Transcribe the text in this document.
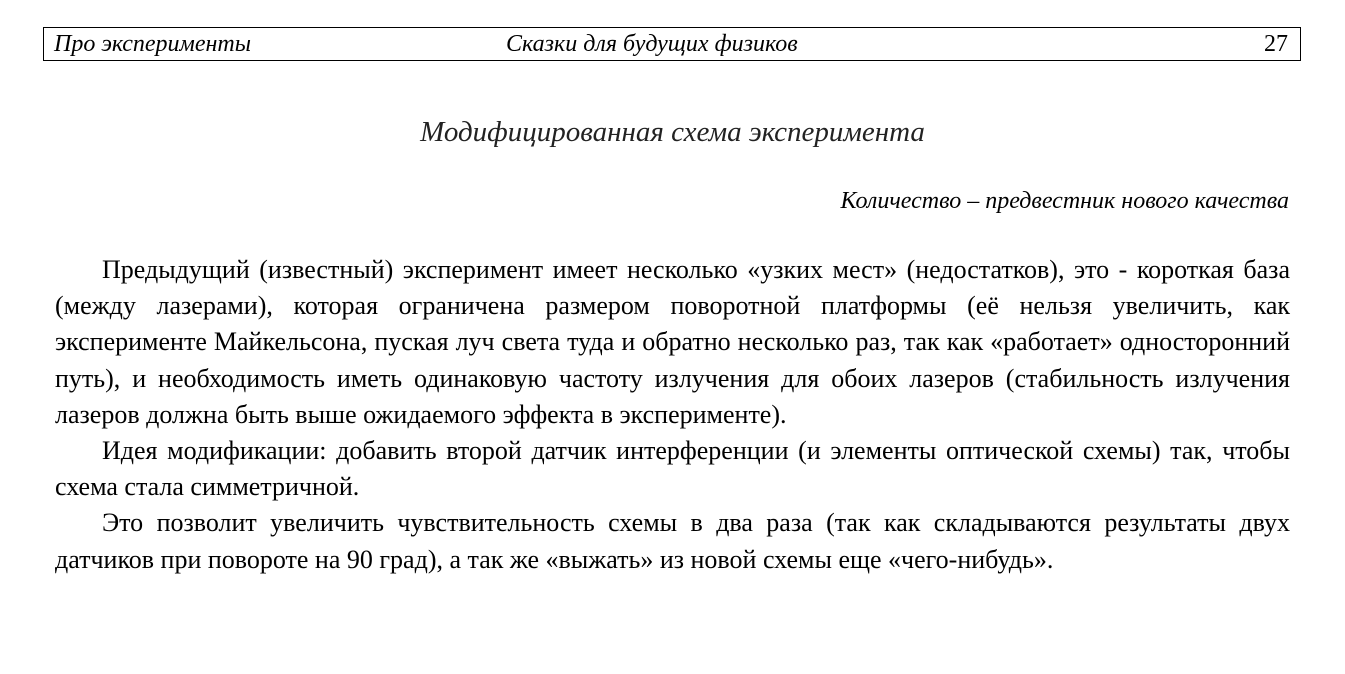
Про эксперименты	Сказки для будущих физиков	27
Модифицированная схема эксперимента
Количество – предвестник нового качества

Предыдущий (известный) эксперимент имеет несколько «узких мест» (недостатков), это - короткая база (между лазерами), которая ограничена размером поворотной платформы (её нельзя увеличить, как эксперименте Майкельсона, пуская луч света туда и обратно несколько раз, так как «работает» односторонний путь), и необходимость иметь одинаковую частоту излучения для обоих лазеров (стабильность излучения лазеров должна быть выше ожидаемого эффекта в эксперименте).

Идея модификации: добавить второй датчик интерференции (и элементы оптической схемы) так, чтобы схема стала симметричной.

Это позволит увеличить чувствительность схемы в два раза (так как складываются результаты двух датчиков при повороте на 90 град), а так же «выжать» из новой схемы еще «чего-нибудь».
